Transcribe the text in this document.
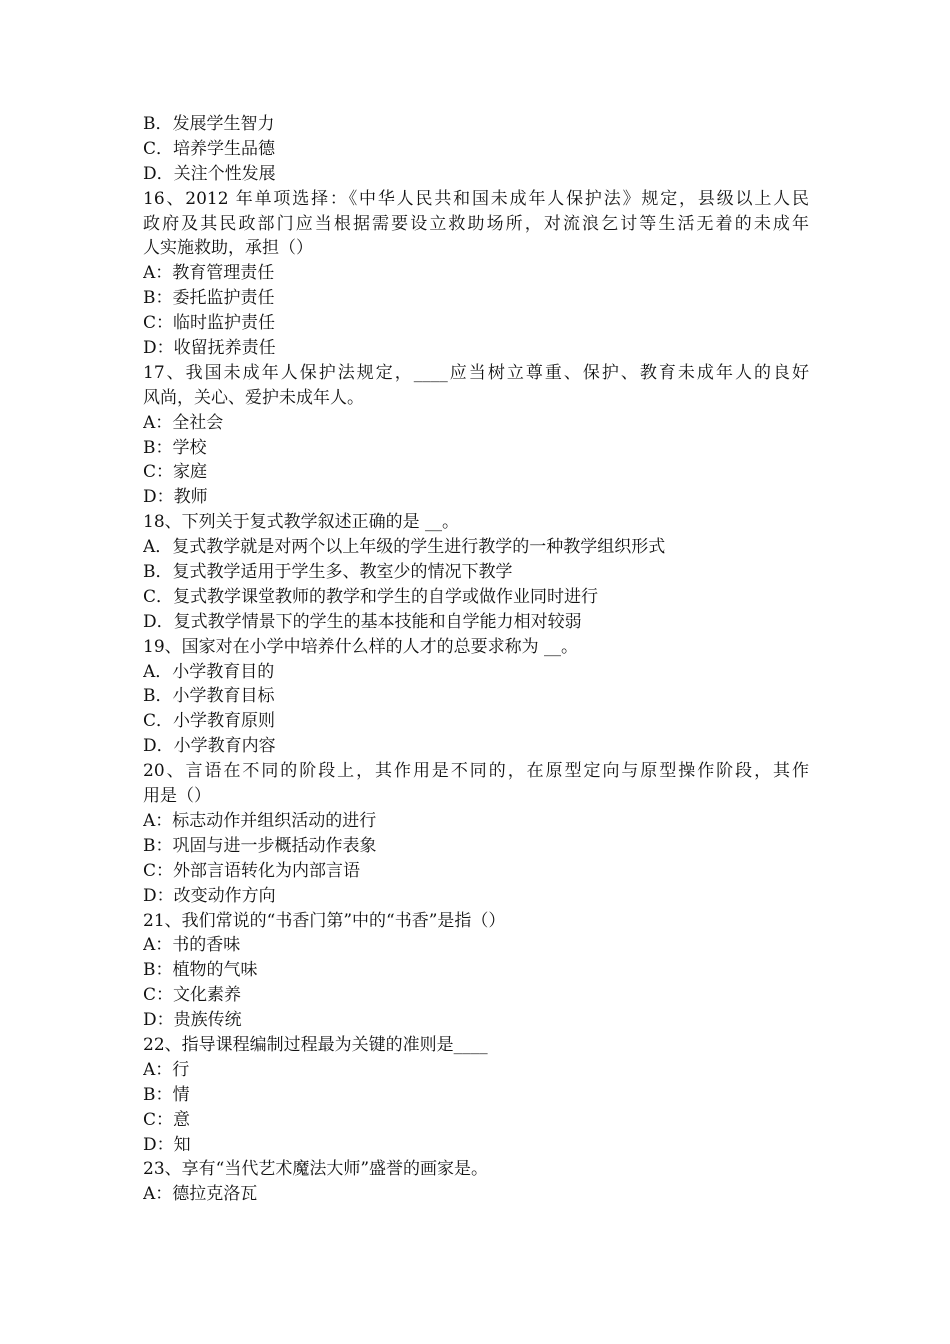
B．发展学生智力
C．培养学生品德
D．关注个性发展
16、2012 年单项选择：《中华人民共和国未成年人保护法》规定，县级以上人民
政府及其民政部门应当根据需要设立救助场所，对流浪乞讨等生活无着的未成年
人实施救助，承担（）
A：教育管理责任
B：委托监护责任
C：临时监护责任
D：收留抚养责任
17、我国未成年人保护法规定，____应当树立尊重、保护、教育未成年人的良好
风尚，关心、爱护未成年人。
A：全社会
B：学校
C：家庭
D：教师
18、下列关于复式教学叙述正确的是 __。
A．复式教学就是对两个以上年级的学生进行教学的一种教学组织形式
B．复式教学适用于学生多、教室少的情况下教学
C．复式教学课堂教师的教学和学生的自学或做作业同时进行
D．复式教学情景下的学生的基本技能和自学能力相对较弱
19、国家对在小学中培养什么样的人才的总要求称为 __。
A．小学教育目的
B．小学教育目标
C．小学教育原则
D．小学教育内容
20、言语在不同的阶段上，其作用是不同的，在原型定向与原型操作阶段，其作
用是（）
A：标志动作并组织活动的进行
B：巩固与进一步概括动作表象
C：外部言语转化为内部言语
D：改变动作方向
21、我们常说的“书香门第”中的“书香”是指（）
A：书的香味
B：植物的气味
C：文化素养
D：贵族传统
22、指导课程编制过程最为关键的准则是____
A：行
B：情
C：意
D：知
23、享有“当代艺术魔法大师”盛誉的画家是。
A：德拉克洛瓦
